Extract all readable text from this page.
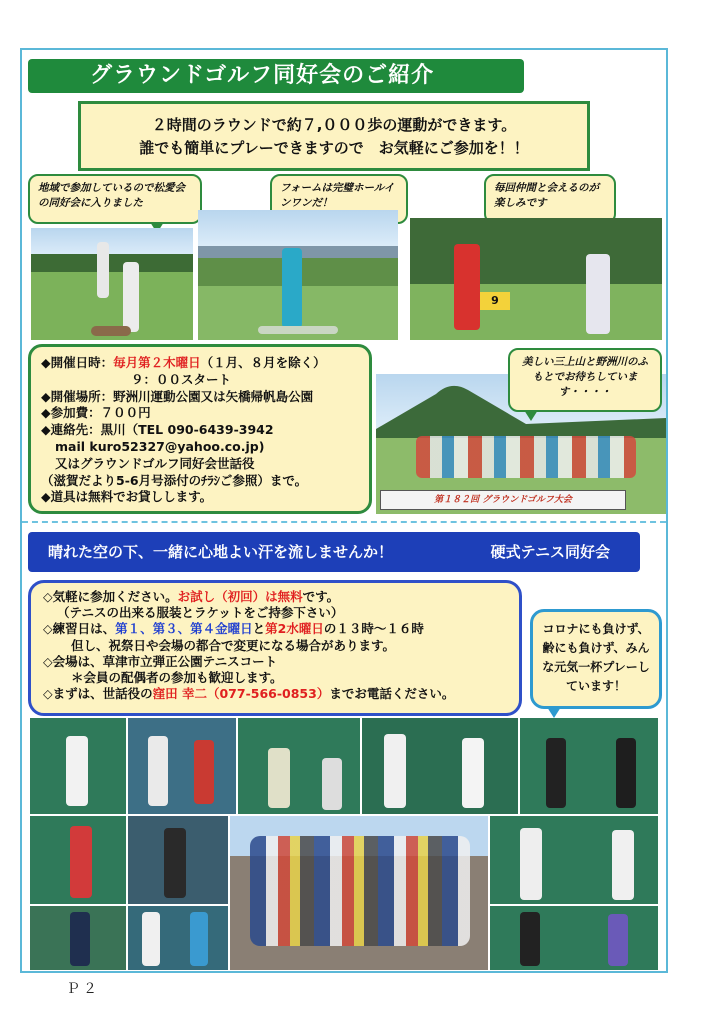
グラウンドゴルフ同好会のご紹介
２時間のラウンドで約７,０００歩の運動ができます。
誰でも簡単にプレーできますので　お気軽にご参加を！！
地域で参加しているので松愛会の同好会に入りました
フォームは完璧ホールインワンだ！
毎回仲間と会えるのが楽しみです
9
◆開催日時：毎月第２木曜日（１月、８月を除く）
９：００スタート
◆開催場所：野洲川運動公園又は矢橋帰帆島公園
◆参加費：７００円
◆連絡先：黒川（TEL 090-6439-3942
mail kuro52327@yahoo.co.jp)
又はグラウンドゴルフ同好会世話役
（滋賀だより5-6月号添付のﾁﾗｼご参照）まで。
◆道具は無料でお貸しします。	第１８２回 グラウンドゴルフ大会
美しい三上山と野洲川のふもとでお待ちしています・・・・
晴れた空の下、一緒に心地よい汗を流しませんか！	硬式テニス同好会
◇気軽に参加ください。お試し（初回）は無料です。
（テニスの出来る服装とラケットをご持参下さい）
◇練習日は、第１、第３、第４金曜日と第2水曜日の１３時〜１６時
但し、祝祭日や会場の都合で変更になる場合があります。
◇会場は、草津市立弾正公園テニスコート
＊会員の配偶者の参加も歓迎します。
◇まずは、世話役の窪田 幸二（077-566-0853）までお電話ください。
コロナにも負けず、齢にも負けず、みんな元気一杯プレーしています！
Ｐ２
